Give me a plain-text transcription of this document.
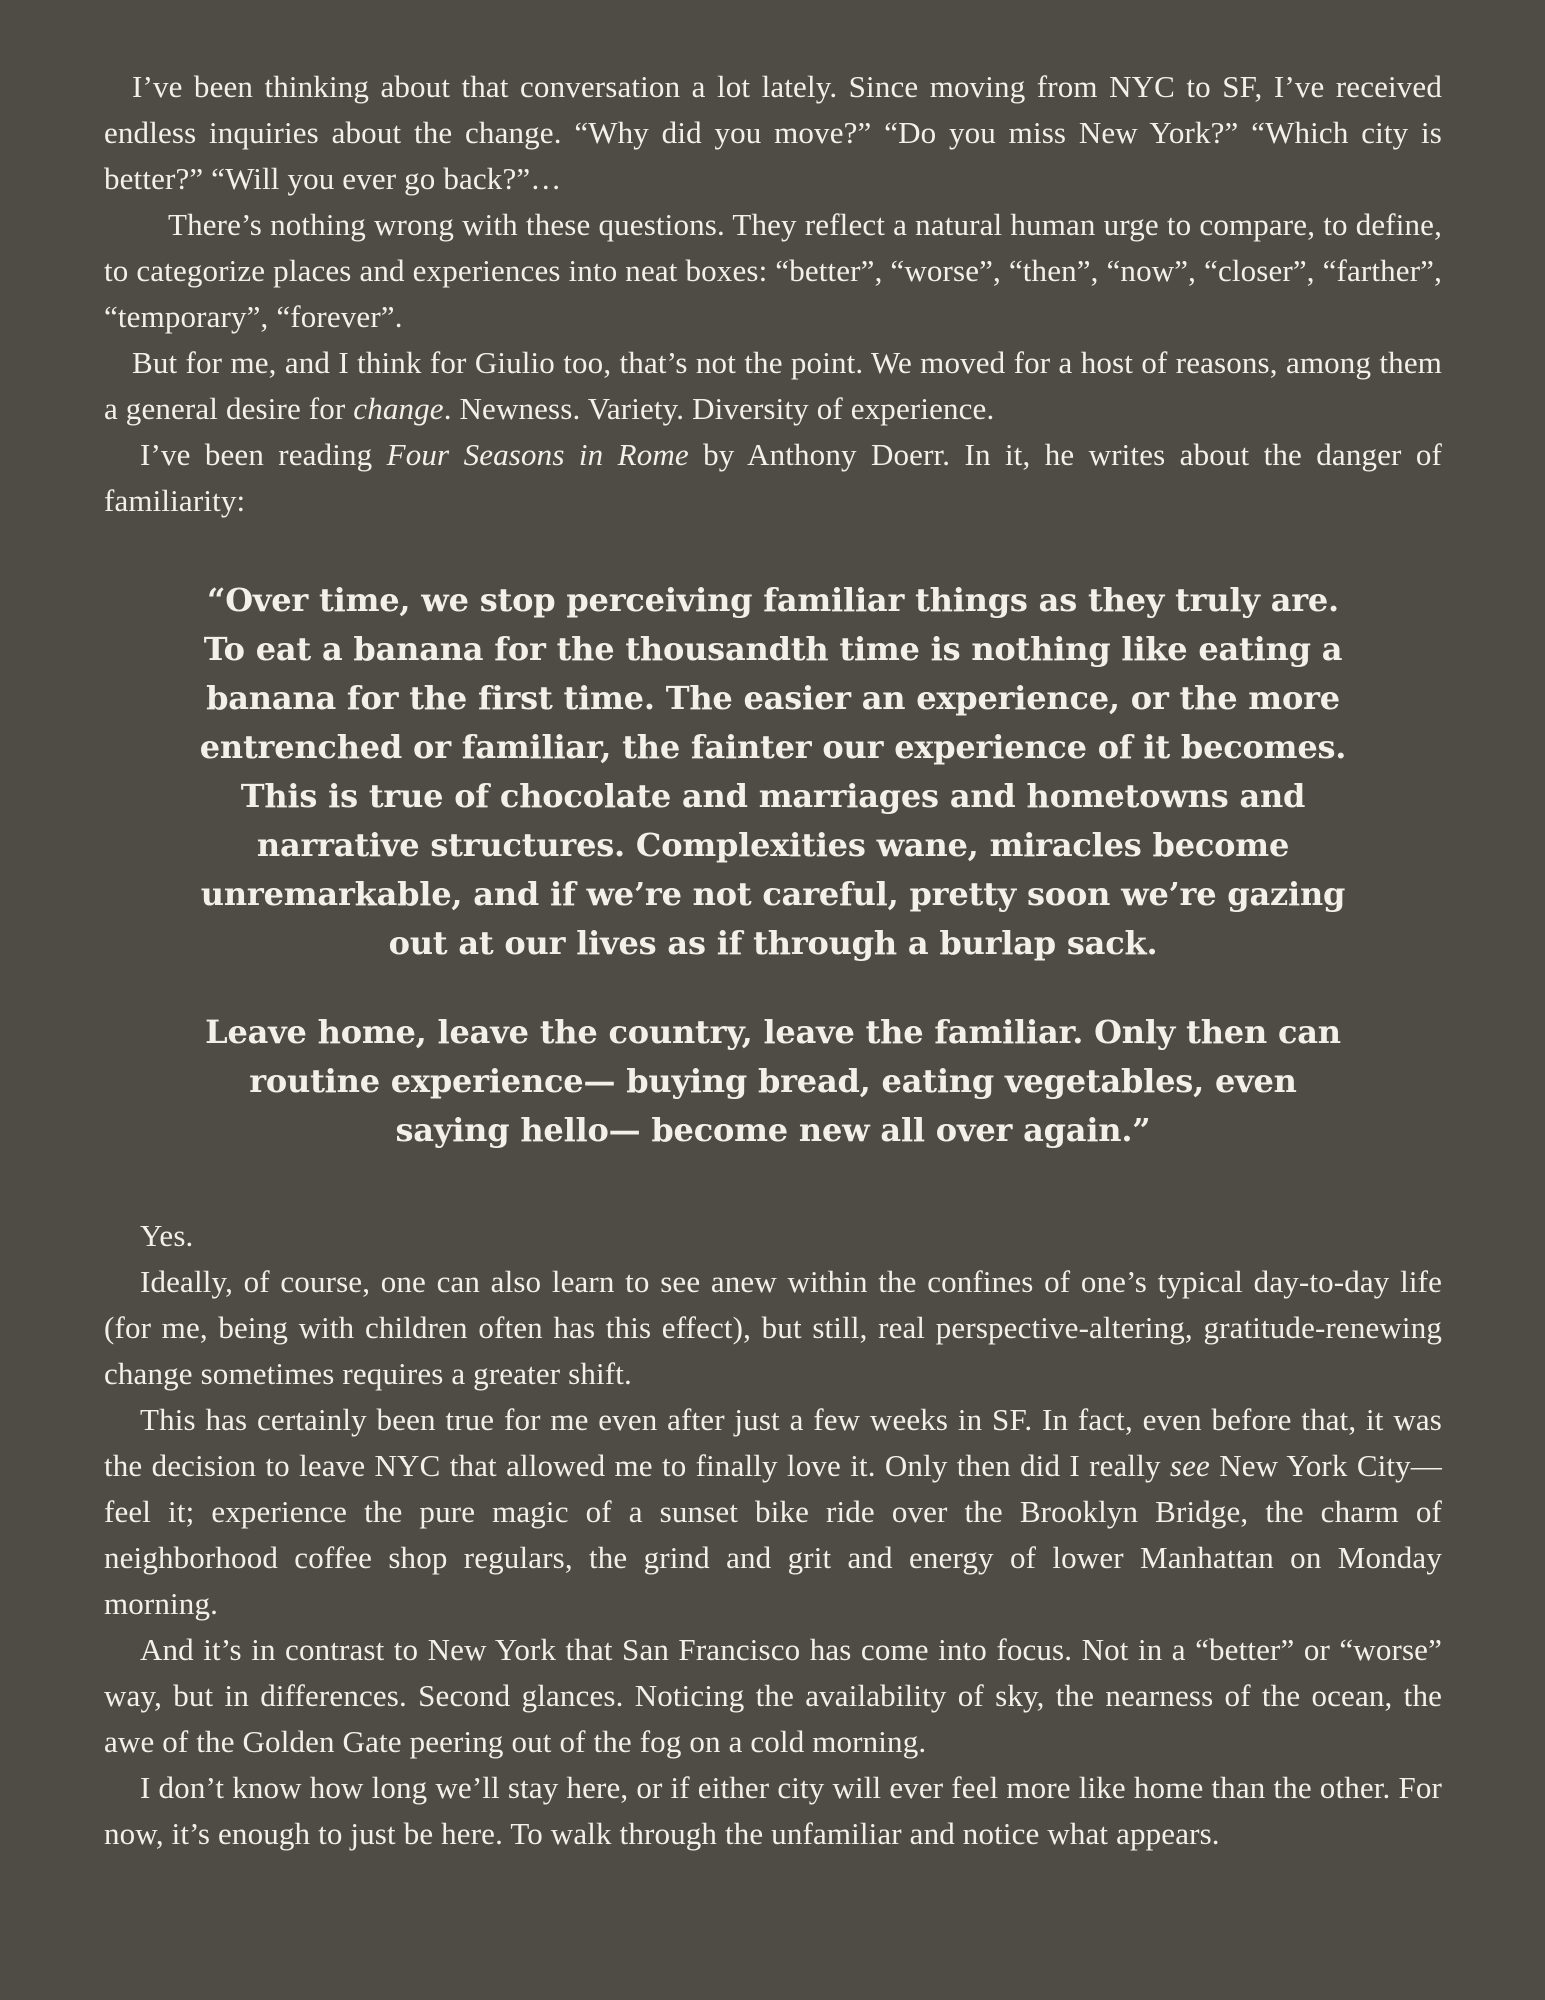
I’ve been thinking about that conversation a lot lately. Since moving from NYC to SF, I’ve received endless inquiries about the change. “Why did you move?” “Do you miss New York?” “Which city is better?” “Will you ever go back?”…

There’s nothing wrong with these questions. They reflect a natural human urge to compare, to define, to categorize places and experiences into neat boxes: “better”, “worse”, “then”, “now”, “closer”, “farther”, “temporary”, “forever”.

But for me, and I think for Giulio too, that’s not the point. We moved for a host of reasons, among them a general desire for change. Newness. Variety. Diversity of experience.

I’ve been reading Four Seasons in Rome by Anthony Doerr. In it, he writes about the danger of familiarity:

“Over time, we stop perceiving familiar things as they truly are. To eat a banana for the thousandth time is nothing like eating a banana for the first time. The easier an experience, or the more entrenched or familiar, the fainter our experience of it becomes. This is true of chocolate and marriages and hometowns and narrative structures. Complexities wane, miracles become unremarkable, and if we’re not careful, pretty soon we’re gazing out at our lives as if through a burlap sack.

Leave home, leave the country, leave the familiar. Only then can routine experience— buying bread, eating vegetables, even saying hello— become new all over again.”

Yes.

Ideally, of course, one can also learn to see anew within the confines of one’s typical day-to-day life (for me, being with children often has this effect), but still, real perspective-altering, gratitude-renewing change sometimes requires a greater shift.

This has certainly been true for me even after just a few weeks in SF. In fact, even before that, it was the decision to leave NYC that allowed me to finally love it. Only then did I really see New York City—feel it; experience the pure magic of a sunset bike ride over the Brooklyn Bridge, the charm of neighborhood coffee shop regulars, the grind and grit and energy of lower Manhattan on Monday morning.

And it’s in contrast to New York that San Francisco has come into focus. Not in a “better” or “worse” way, but in differences. Second glances. Noticing the availability of sky, the nearness of the ocean, the awe of the Golden Gate peering out of the fog on a cold morning.

I don’t know how long we’ll stay here, or if either city will ever feel more like home than the other. For now, it’s enough to just be here. To walk through the unfamiliar and notice what appears.
